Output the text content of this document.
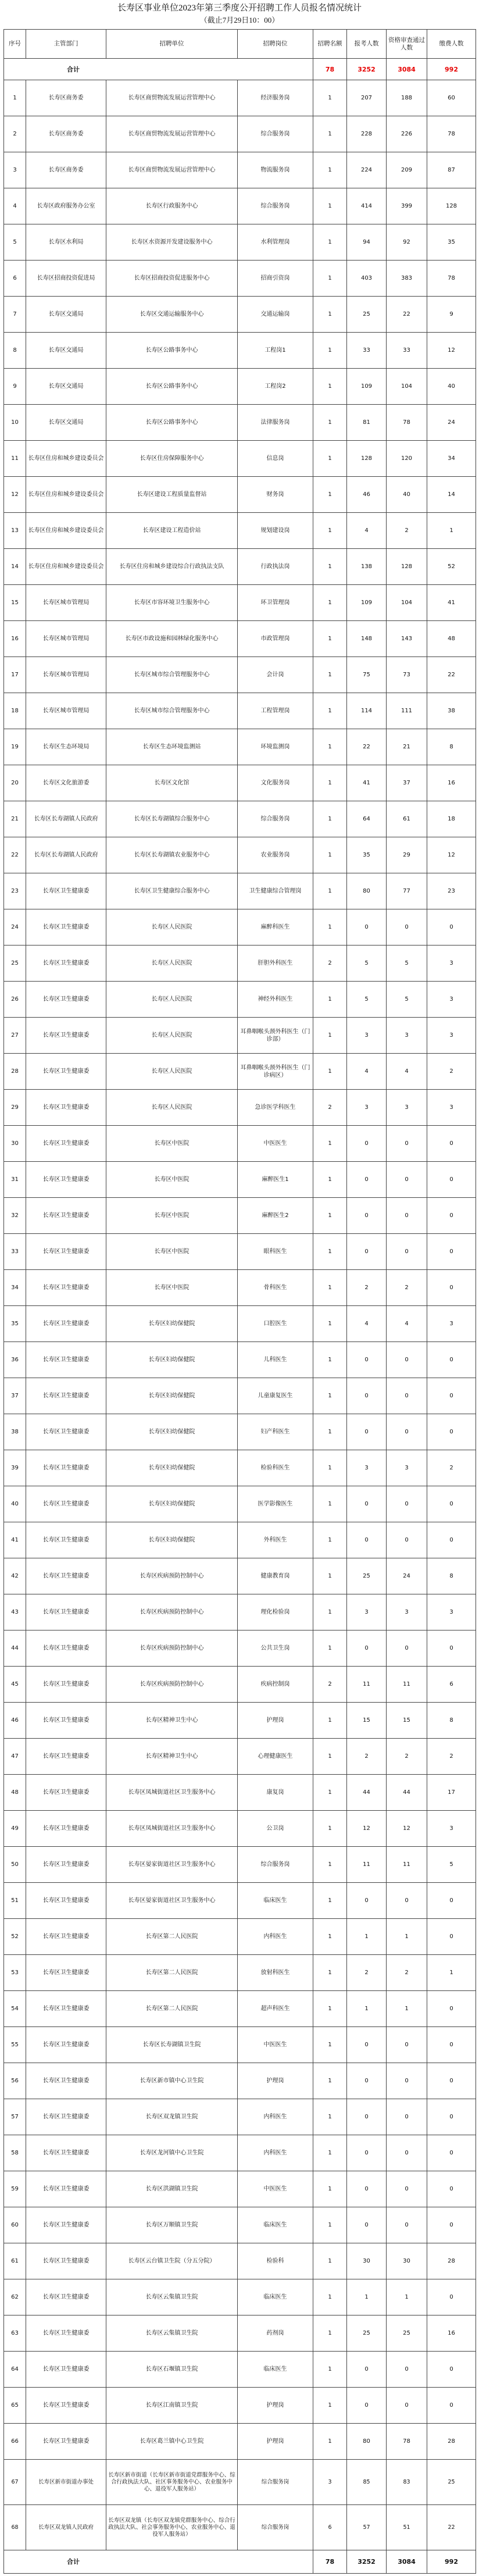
长寿区事业单位2023年第三季度公开招聘工作人员报名情况统计
（截止7月29日10：00）
序号	主管部门	招聘单位	招聘岗位	招聘名额	报考人数	资格审查通过人数	缴费人数
合计				78	3252	3084	992
1	长寿区商务委	长寿区商贸物流发展运营管理中心	经济服务岗	1	207	188	60
2	长寿区商务委	长寿区商贸物流发展运营管理中心	综合服务岗	1	228	226	78
3	长寿区商务委	长寿区商贸物流发展运营管理中心	物流服务岗	1	224	209	87
4	长寿区政府服务办公室	长寿区行政服务中心	综合服务岗	1	414	399	128
5	长寿区水利局	长寿区水资源开发建设服务中心	水利管理岗	1	94	92	35
6	长寿区招商投资促进局	长寿区招商投资促进服务中心	招商引资岗	1	403	383	78
7	长寿区交通局	长寿区交通运输服务中心	交通运输岗	1	25	22	9
8	长寿区交通局	长寿区公路事务中心	工程岗1	1	33	33	12
9	长寿区交通局	长寿区公路事务中心	工程岗2	1	109	104	40
10	长寿区交通局	长寿区公路事务中心	法律服务岗	1	81	78	24
11	长寿区住房和城乡建设委员会	长寿区住房保障服务中心	信息岗	1	128	120	34
12	长寿区住房和城乡建设委员会	长寿区建设工程质量监督站	财务岗	1	46	40	14
13	长寿区住房和城乡建设委员会	长寿区建设工程造价站	规划建设岗	1	4	2	1
14	长寿区住房和城乡建设委员会	长寿区住房和城乡建设综合行政执法支队	行政执法岗	1	138	128	52
15	长寿区城市管理局	长寿区市容环境卫生服务中心	环卫管理岗	1	109	104	41
16	长寿区城市管理局	长寿区市政设施和园林绿化服务中心	市政管理岗	1	148	143	48
17	长寿区城市管理局	长寿区城市综合管理服务中心	会计岗	1	75	73	22
18	长寿区城市管理局	长寿区城市综合管理服务中心	工程管理岗	1	114	111	38
19	长寿区生态环境局	长寿区生态环境监测站	环境监测岗	1	22	21	8
20	长寿区文化旅游委	长寿区文化馆	文化服务岗	1	41	37	16
21	长寿区长寿湖镇人民政府	长寿区长寿湖镇综合服务中心	综合服务岗	1	64	61	18
22	长寿区长寿湖镇人民政府	长寿区长寿湖镇农业服务中心	农业服务岗	1	35	29	12
23	长寿区卫生健康委	长寿区卫生健康综合服务中心	卫生健康综合管理岗	1	80	77	23
24	长寿区卫生健康委	长寿区人民医院	麻醉科医生	1	0	0	0
25	长寿区卫生健康委	长寿区人民医院	肝胆外科医生	2	5	5	3
26	长寿区卫生健康委	长寿区人民医院	神经外科医生	1	5	5	3
27	长寿区卫生健康委	长寿区人民医院	耳鼻咽喉头颈外科医生（门诊部）	1	3	3	3
28	长寿区卫生健康委	长寿区人民医院	耳鼻咽喉头颈外科医生（门诊病区）	1	4	4	2
29	长寿区卫生健康委	长寿区人民医院	急诊医学科医生	2	3	3	3
30	长寿区卫生健康委	长寿区中医院	中医医生	1	0	0	0
31	长寿区卫生健康委	长寿区中医院	麻醉医生1	1	0	0	0
32	长寿区卫生健康委	长寿区中医院	麻醉医生2	1	0	0	0
33	长寿区卫生健康委	长寿区中医院	眼科医生	1	0	0	0
34	长寿区卫生健康委	长寿区中医院	骨科医生	1	2	2	0
35	长寿区卫生健康委	长寿区妇幼保健院	口腔医生	1	4	4	3
36	长寿区卫生健康委	长寿区妇幼保健院	儿科医生	1	0	0	0
37	长寿区卫生健康委	长寿区妇幼保健院	儿童康复医生	1	0	0	0
38	长寿区卫生健康委	长寿区妇幼保健院	妇产科医生	1	0	0	0
39	长寿区卫生健康委	长寿区妇幼保健院	检验科医生	1	3	3	2
40	长寿区卫生健康委	长寿区妇幼保健院	医学影像医生	1	0	0	0
41	长寿区卫生健康委	长寿区妇幼保健院	外科医生	1	0	0	0
42	长寿区卫生健康委	长寿区疾病预防控制中心	健康教育岗	1	25	24	8
43	长寿区卫生健康委	长寿区疾病预防控制中心	理化检验岗	1	3	3	3
44	长寿区卫生健康委	长寿区疾病预防控制中心	公共卫生岗	1	0	0	0
45	长寿区卫生健康委	长寿区疾病预防控制中心	疾病控制岗	2	11	11	6
46	长寿区卫生健康委	长寿区精神卫生中心	护理岗	1	15	15	8
47	长寿区卫生健康委	长寿区精神卫生中心	心理健康医生	1	2	2	2
48	长寿区卫生健康委	长寿区凤城街道社区卫生服务中心	康复岗	1	44	44	17
49	长寿区卫生健康委	长寿区凤城街道社区卫生服务中心	公卫岗	1	12	12	3
50	长寿区卫生健康委	长寿区晏家街道社区卫生服务中心	综合服务岗	1	11	11	5
51	长寿区卫生健康委	长寿区晏家街道社区卫生服务中心	临床医生	1	0	0	0
52	长寿区卫生健康委	长寿区第二人民医院	内科医生	1	1	1	0
53	长寿区卫生健康委	长寿区第二人民医院	放射科医生	1	2	2	1
54	长寿区卫生健康委	长寿区第二人民医院	超声科医生	1	1	1	0
55	长寿区卫生健康委	长寿区长寿湖镇卫生院	中医医生	1	0	0	0
56	长寿区卫生健康委	长寿区新市镇中心卫生院	护理岗	1	0	0	0
57	长寿区卫生健康委	长寿区双龙镇卫生院	内科医生	1	0	0	0
58	长寿区卫生健康委	长寿区龙河镇中心卫生院	内科医生	1	0	0	0
59	长寿区卫生健康委	长寿区洪湖镇卫生院	中医医生	1	0	0	0
60	长寿区卫生健康委	长寿区万顺镇卫生院	临床医生	1	0	0	0
61	长寿区卫生健康委	长寿区云台镇卫生院（分五分院）	检验科	1	30	30	28
62	长寿区卫生健康委	长寿区云集镇卫生院	临床医生	1	1	1	0
63	长寿区卫生健康委	长寿区云集镇卫生院	药剂岗	1	25	25	16
64	长寿区卫生健康委	长寿区石堰镇卫生院	临床医生	1	0	0	0
65	长寿区卫生健康委	长寿区江南镇卫生院	护理岗	1	0	0	0
66	长寿区卫生健康委	长寿区葛兰镇中心卫生院	护理岗	1	80	78	28
67	长寿区新市街道办事处	长寿区新市街道（长寿区新市街道党群服务中心、综合行政执法大队、社区事务服务中心、农业服务中心、退役军人服务站）	综合服务岗	3	85	83	25
68	长寿区双龙镇人民政府	长寿区双龙镇（长寿区双龙镇党群服务中心、综合行政执法大队、社会事务服务中心、农业服务中心、退役军人服务站）	综合服务岗	6	57	51	22
合计				78	3252	3084	992
